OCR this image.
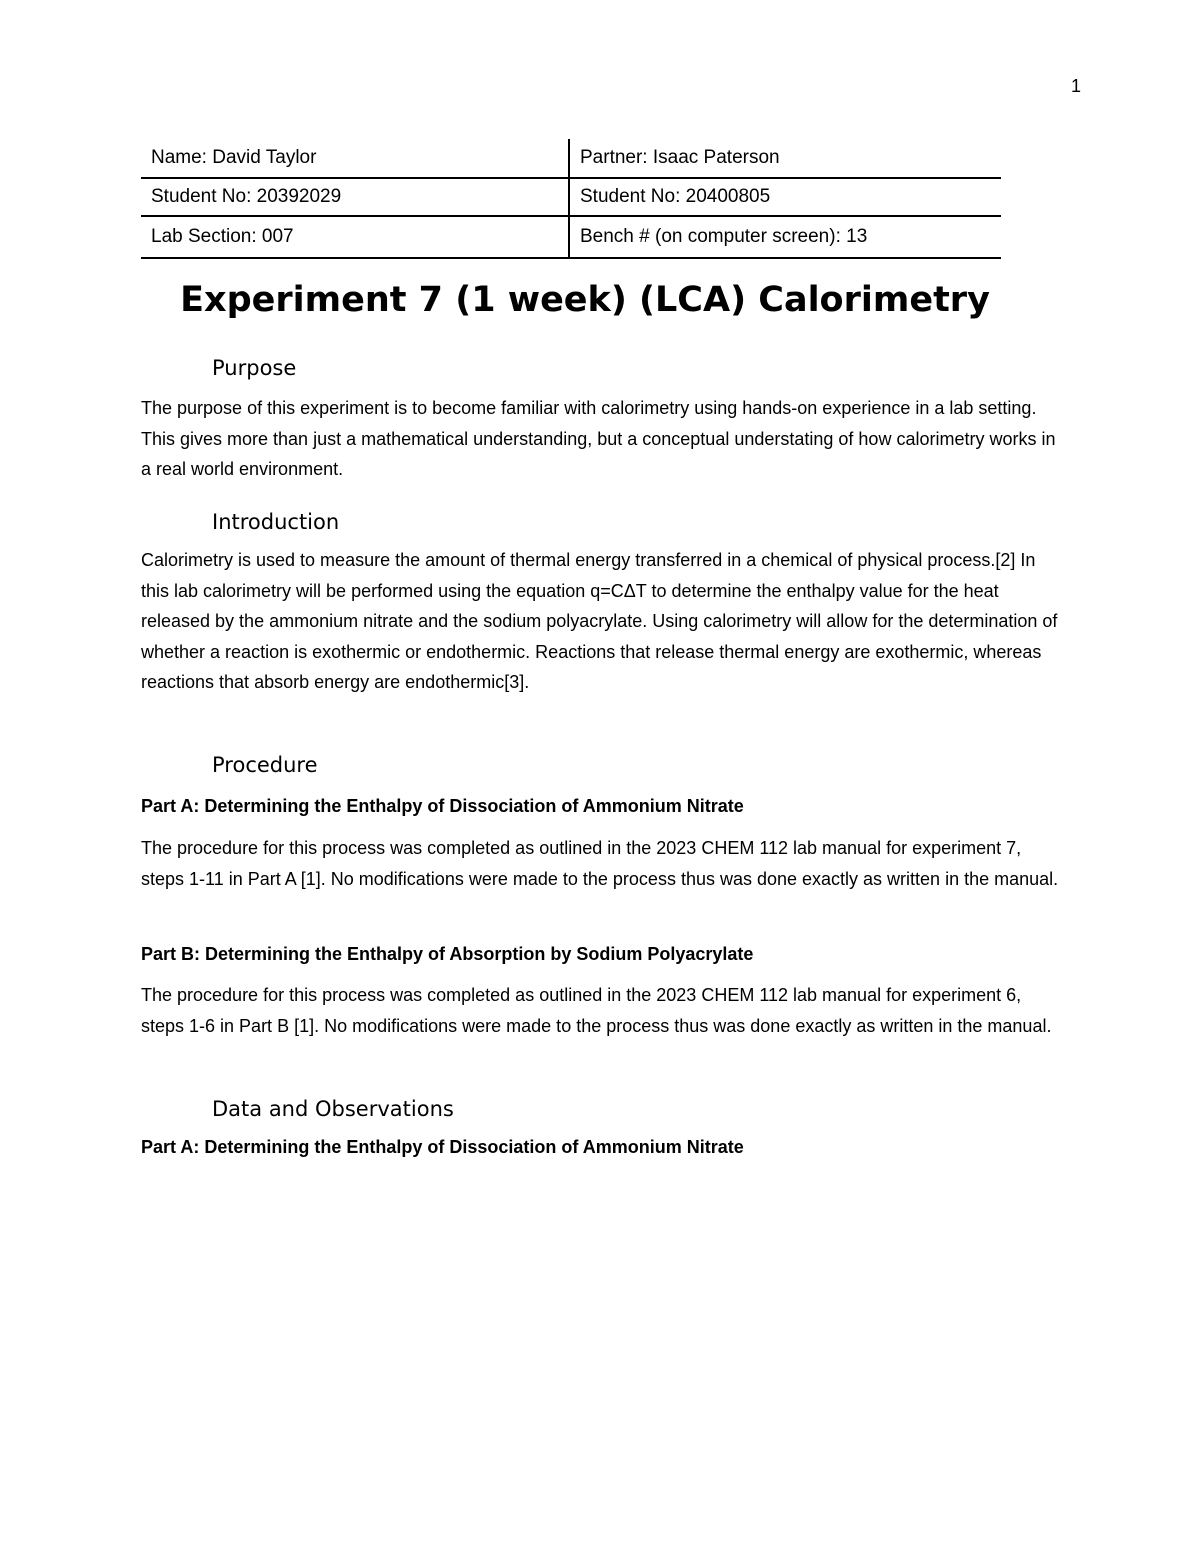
1
Name: David Taylor	Partner: Isaac Paterson
Student No: 20392029	Student No: 20400805
Lab Section: 007	Bench # (on computer screen): 13
Experiment 7 (1 week) (LCA) Calorimetry
Purpose

The purpose of this experiment is to become familiar with calorimetry using hands-on experience in a lab setting. This gives more than just a mathematical understanding, but a conceptual understating of how calorimetry works in a real world environment.

Introduction

Calorimetry is used to measure the amount of thermal energy transferred in a chemical of physical process.[2] In this lab calorimetry will be performed using the equation q=CΔT to determine the enthalpy value for the heat released by the ammonium nitrate and the sodium polyacrylate. Using calorimetry will allow for the determination of whether a reaction is exothermic or endothermic. Reactions that release thermal energy are exothermic, whereas reactions that absorb energy are endothermic[3].

Procedure
Part A: Determining the Enthalpy of Dissociation of Ammonium Nitrate

The procedure for this process was completed as outlined in the 2023 CHEM 112 lab manual for experiment 7, steps 1-11 in Part A [1]. No modifications were made to the process thus was done exactly as written in the manual.

Part B: Determining the Enthalpy of Absorption by Sodium Polyacrylate

The procedure for this process was completed as outlined in the 2023 CHEM 112 lab manual for experiment 6, steps 1-6 in Part B [1]. No modifications were made to the process thus was done exactly as written in the manual.

Data and Observations
Part A: Determining the Enthalpy of Dissociation of Ammonium Nitrate
